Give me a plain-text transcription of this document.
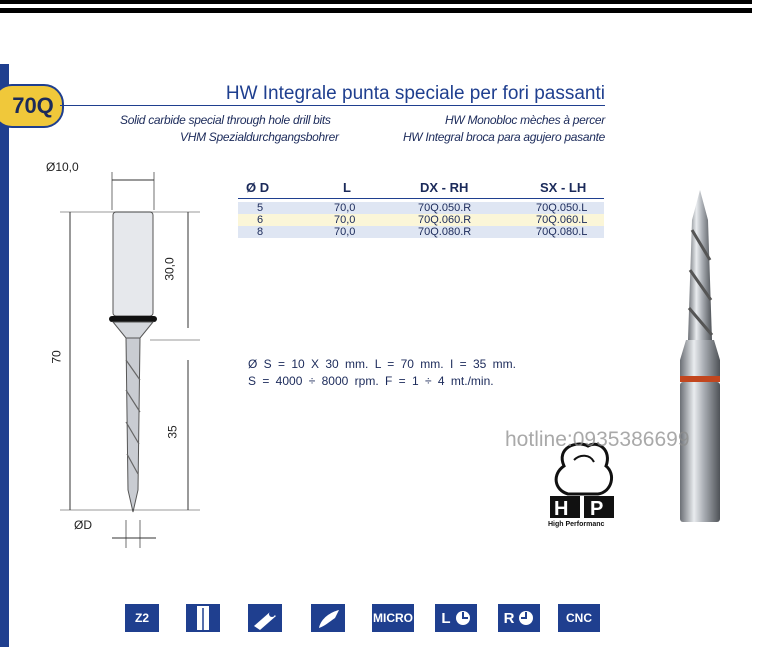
70Q	HW Integrale punta speciale per fori passanti
Solid carbide special through hole drill bits	HW Monobloc mèches à percer
VHM Spezialdurchgangsbohrer	HW Integral broca para agujero pasante
Ø10,0
70
30,0
35
ØD
Ø D	L	DX - RH	SX - LH
5	70,0	70Q.050.R	70Q.050.L
6	70,0	70Q.060.R	70Q.060.L
8	70,0	70Q.080.R	70Q.080.L
Ø S = 10 X 30 mm. L = 70 mm. I = 35 mm.
S = 4000 ÷ 8000 rpm. F = 1 ÷ 4 mt./min.
H P
High Performanc
hotline:0935386699
Z2	MICRO L	R	CNC
